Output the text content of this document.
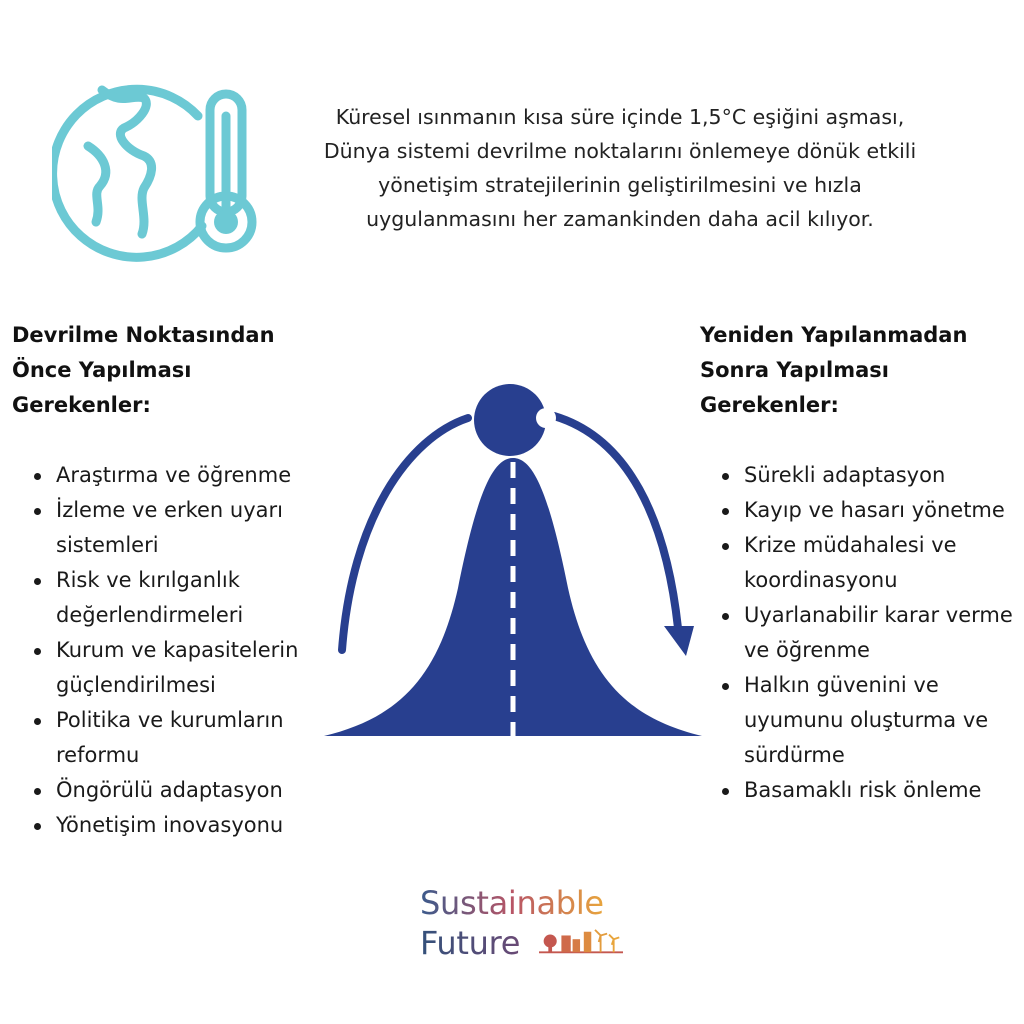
Küresel ısınmanın kısa süre içinde 1,5°C eşiğini aşması,
Dünya sistemi devrilme noktalarını önlemeye dönük etkili
yönetişim stratejilerinin geliştirilmesini ve hızla
uygulanmasını her zamankinden daha acil kılıyor.
Devrilme Noktasından
Önce Yapılması
Gerekenler:
Araştırma ve öğrenme
İzleme ve erken uyarı sistemleri
Risk ve kırılganlık değerlendirmeleri
Kurum ve kapasitelerin güçlendirilmesi
Politika ve kurumların reformu
Öngörülü adaptasyon
Yönetişim inovasyonu
Yeniden Yapılanmadan
Sonra Yapılması
Gerekenler:
Sürekli adaptasyon
Kayıp ve hasarı yönetme
Krize müdahalesi ve koordinasyonu
Uyarlanabilir karar verme ve öğrenme
Halkın güvenini ve uyumunu oluşturma ve sürdürme
Basamaklı risk önleme
Sustainable
Future
